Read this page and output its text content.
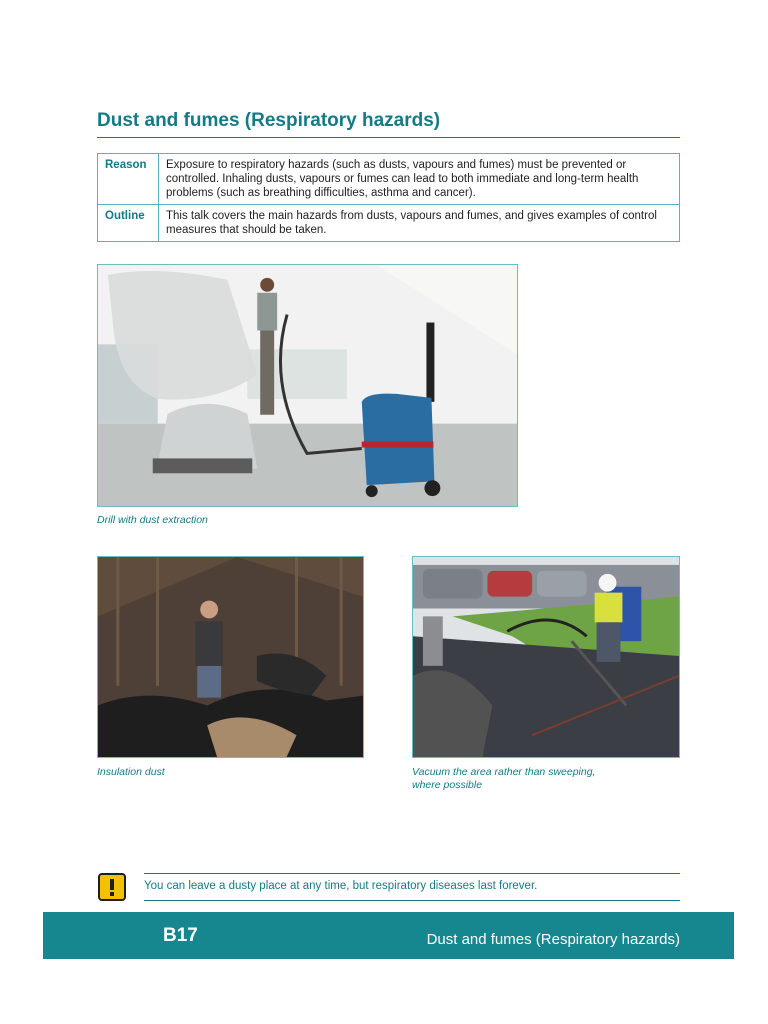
Dust and fumes (Respiratory hazards)
Reason	Exposure to respiratory hazards (such as dusts, vapours and fumes) must be prevented or controlled. Inhaling dusts, vapours or fumes can lead to both immediate and long-term health problems (such as breathing difficulties, asthma and cancer).
Outline	This talk covers the main hazards from dusts, vapours and fumes, and gives examples of control measures that should be taken.

Drill with dust extraction

Insulation dust	Vacuum the area rather than sweeping,

where possible

You can leave a dusty place at any time, but respiratory diseases last forever.

B17	Dust and fumes (Respiratory hazards)
